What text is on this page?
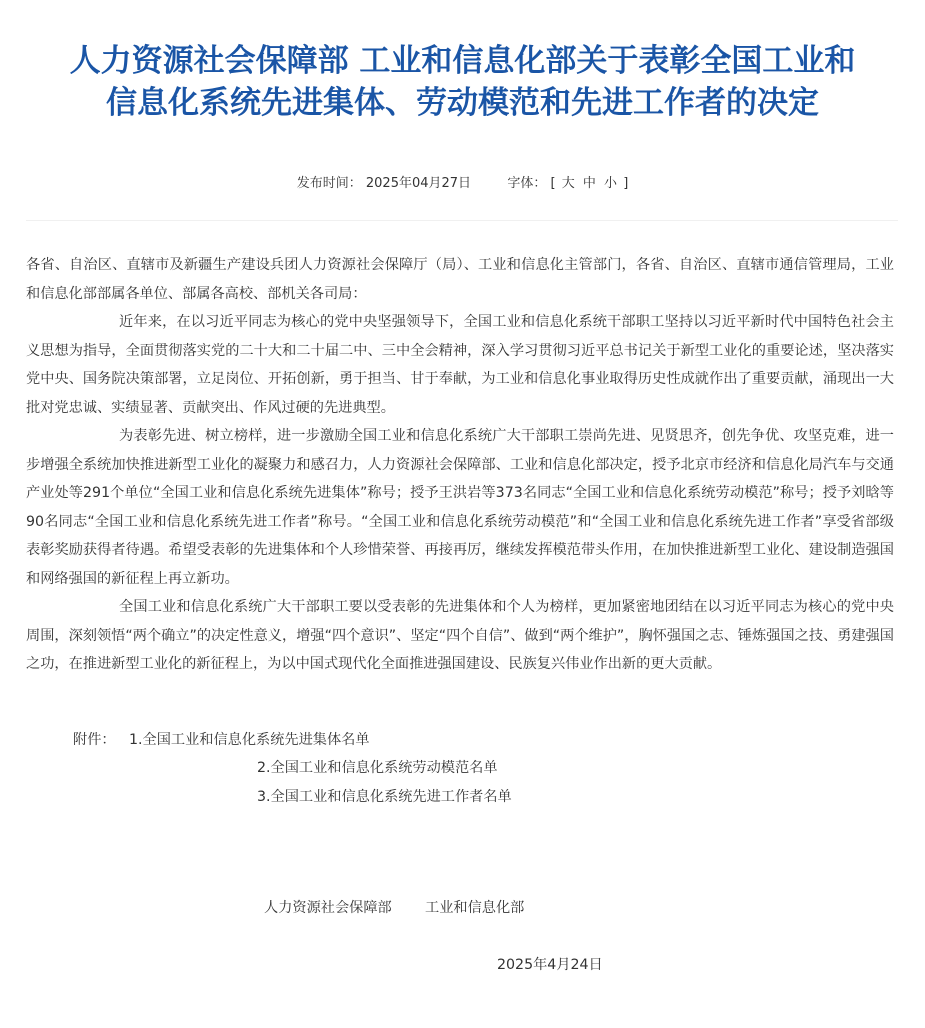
人力资源社会保障部 工业和信息化部关于表彰全国工业和
信息化系统先进集体、劳动模范和先进工作者的决定
发布时间： 2025年04月27日	字体： [ 大 中 小 ]

各省、自治区、直辖市及新疆生产建设兵团人力资源社会保障厅（局）、工业和信息化主管部门，各省、自治区、直辖市通信管理局，工业和信息化部部属各单位、部属各高校、部机关各司局：

近年来，在以习近平同志为核心的党中央坚强领导下，全国工业和信息化系统干部职工坚持以习近平新时代中国特色社会主义思想为指导，全面贯彻落实党的二十大和二十届二中、三中全会精神，深入学习贯彻习近平总书记关于新型工业化的重要论述，坚决落实党中央、国务院决策部署，立足岗位、开拓创新，勇于担当、甘于奉献，为工业和信息化事业取得历史性成就作出了重要贡献，涌现出一大批对党忠诚、实绩显著、贡献突出、作风过硬的先进典型。

为表彰先进、树立榜样，进一步激励全国工业和信息化系统广大干部职工崇尚先进、见贤思齐，创先争优、攻坚克难，进一步增强全系统加快推进新型工业化的凝聚力和感召力，人力资源社会保障部、工业和信息化部决定，授予北京市经济和信息化局汽车与交通产业处等291个单位“全国工业和信息化系统先进集体”称号；授予王洪岩等373名同志“全国工业和信息化系统劳动模范”称号；授予刘晗等90名同志“全国工业和信息化系统先进工作者”称号。“全国工业和信息化系统劳动模范”和“全国工业和信息化系统先进工作者”享受省部级表彰奖励获得者待遇。希望受表彰的先进集体和个人珍惜荣誉、再接再厉，继续发挥模范带头作用，在加快推进新型工业化、建设制造强国和网络强国的新征程上再立新功。

全国工业和信息化系统广大干部职工要以受表彰的先进集体和个人为榜样，更加紧密地团结在以习近平同志为核心的党中央周围，深刻领悟“两个确立”的决定性意义，增强“四个意识”、坚定“四个自信”、做到“两个维护”，胸怀强国之志、锤炼强国之技、勇建强国之功，在推进新型工业化的新征程上，为以中国式现代化全面推进强国建设、民族复兴伟业作出新的更大贡献。

附件： 1.全国工业和信息化系统先进集体名单
2.全国工业和信息化系统劳动模范名单
3.全国工业和信息化系统先进工作者名单
人力资源社会保障部 工业和信息化部
2025年4月24日
